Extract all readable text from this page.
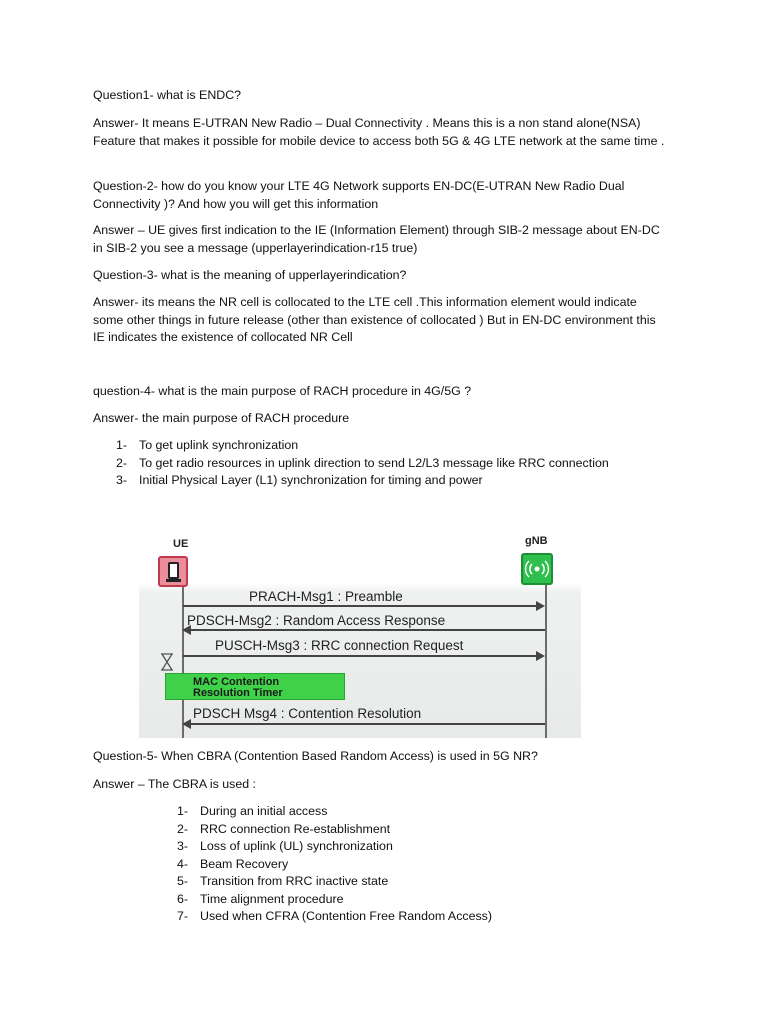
Question1- what is ENDC?

Answer- It means E-UTRAN New Radio – Dual Connectivity . Means this is a non stand alone(NSA) Feature that makes it possible for mobile device to access both 5G & 4G LTE network at the same time .

Question-2- how do you know your LTE 4G Network supports EN-DC(E-UTRAN New Radio Dual Connectivity )? And how you will get this information

Answer – UE gives first indication to the IE (Information Element) through SIB-2 message about EN-DC in SIB-2 you see a message (upperlayerindication-r15 true)

Question-3- what is the meaning of upperlayerindication?

Answer- its means the NR cell is collocated to the LTE cell .This information element would indicate some other things in future release (other than existence of collocated ) But in EN-DC environment this IE indicates the existence of collocated NR Cell

question-4- what is the main purpose of RACH procedure in 4G/5G ?

Answer- the main purpose of RACH procedure

1- To get uplink synchronization
2- To get radio resources in uplink direction to send L2/L3 message like RRC connection
3- Initial Physical Layer (L1) synchronization for timing and power
UE	gNB
PRACH-Msg1 : Preamble
PDSCH-Msg2 : Random Access Response
PUSCH-Msg3 : RRC connection Request
MAC Contention
Resolution Timer
PDSCH Msg4 : Contention Resolution

Question-5- When CBRA (Contention Based Random Access) is used in 5G NR?

Answer – The CBRA is used :

1- During an initial access
2- RRC connection Re-establishment
3- Loss of uplink (UL) synchronization
4- Beam Recovery
5- Transition from RRC inactive state
6- Time alignment procedure
7- Used when CFRA (Contention Free Random Access)
